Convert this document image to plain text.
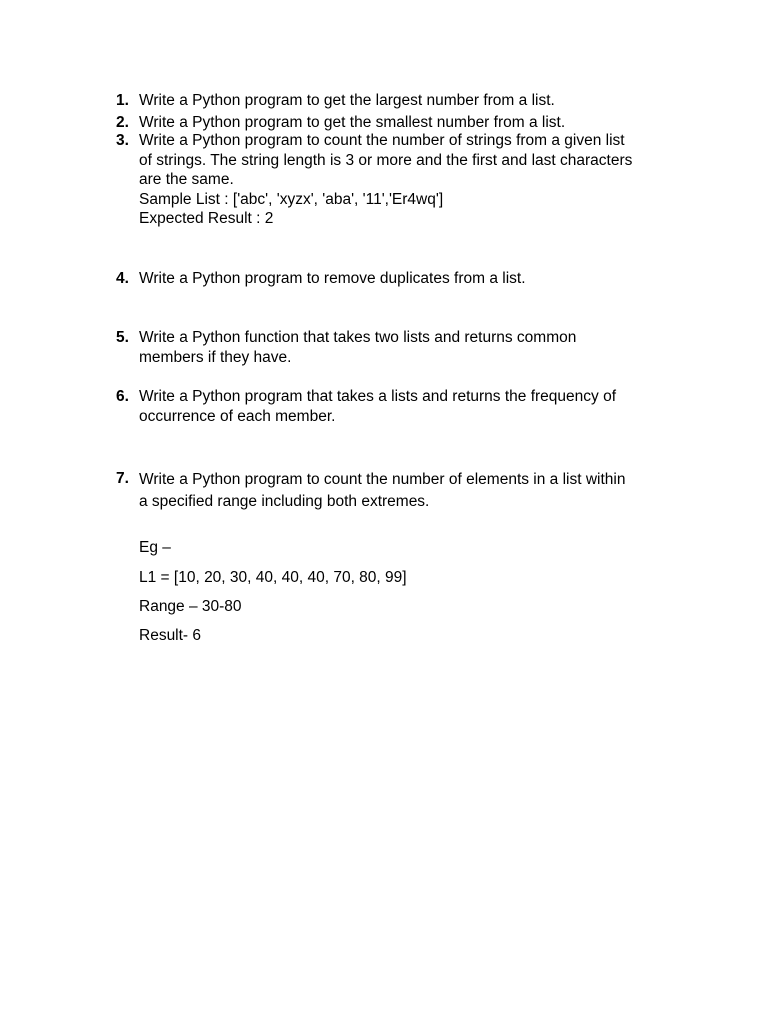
1. Write a Python program to get the largest number from a list.
2. Write a Python program to get the smallest number from a list.
3. Write a Python program to count the number of strings from a given list
of strings. The string length is 3 or more and the first and last characters
are the same.
Sample List : ['abc', 'xyzx', 'aba', '11','Er4wq']
Expected Result : 2
4. Write a Python program to remove duplicates from a list.
5. Write a Python function that takes two lists and returns common
members if they have.
6. Write a Python program that takes a lists and returns the frequency of
occurrence of each member.
7. Write a Python program to count the number of elements in a list within
a specified range including both extremes.
Eg –
L1 = [10, 20, 30, 40, 40, 40, 70, 80, 99]
Range – 30-80
Result- 6
